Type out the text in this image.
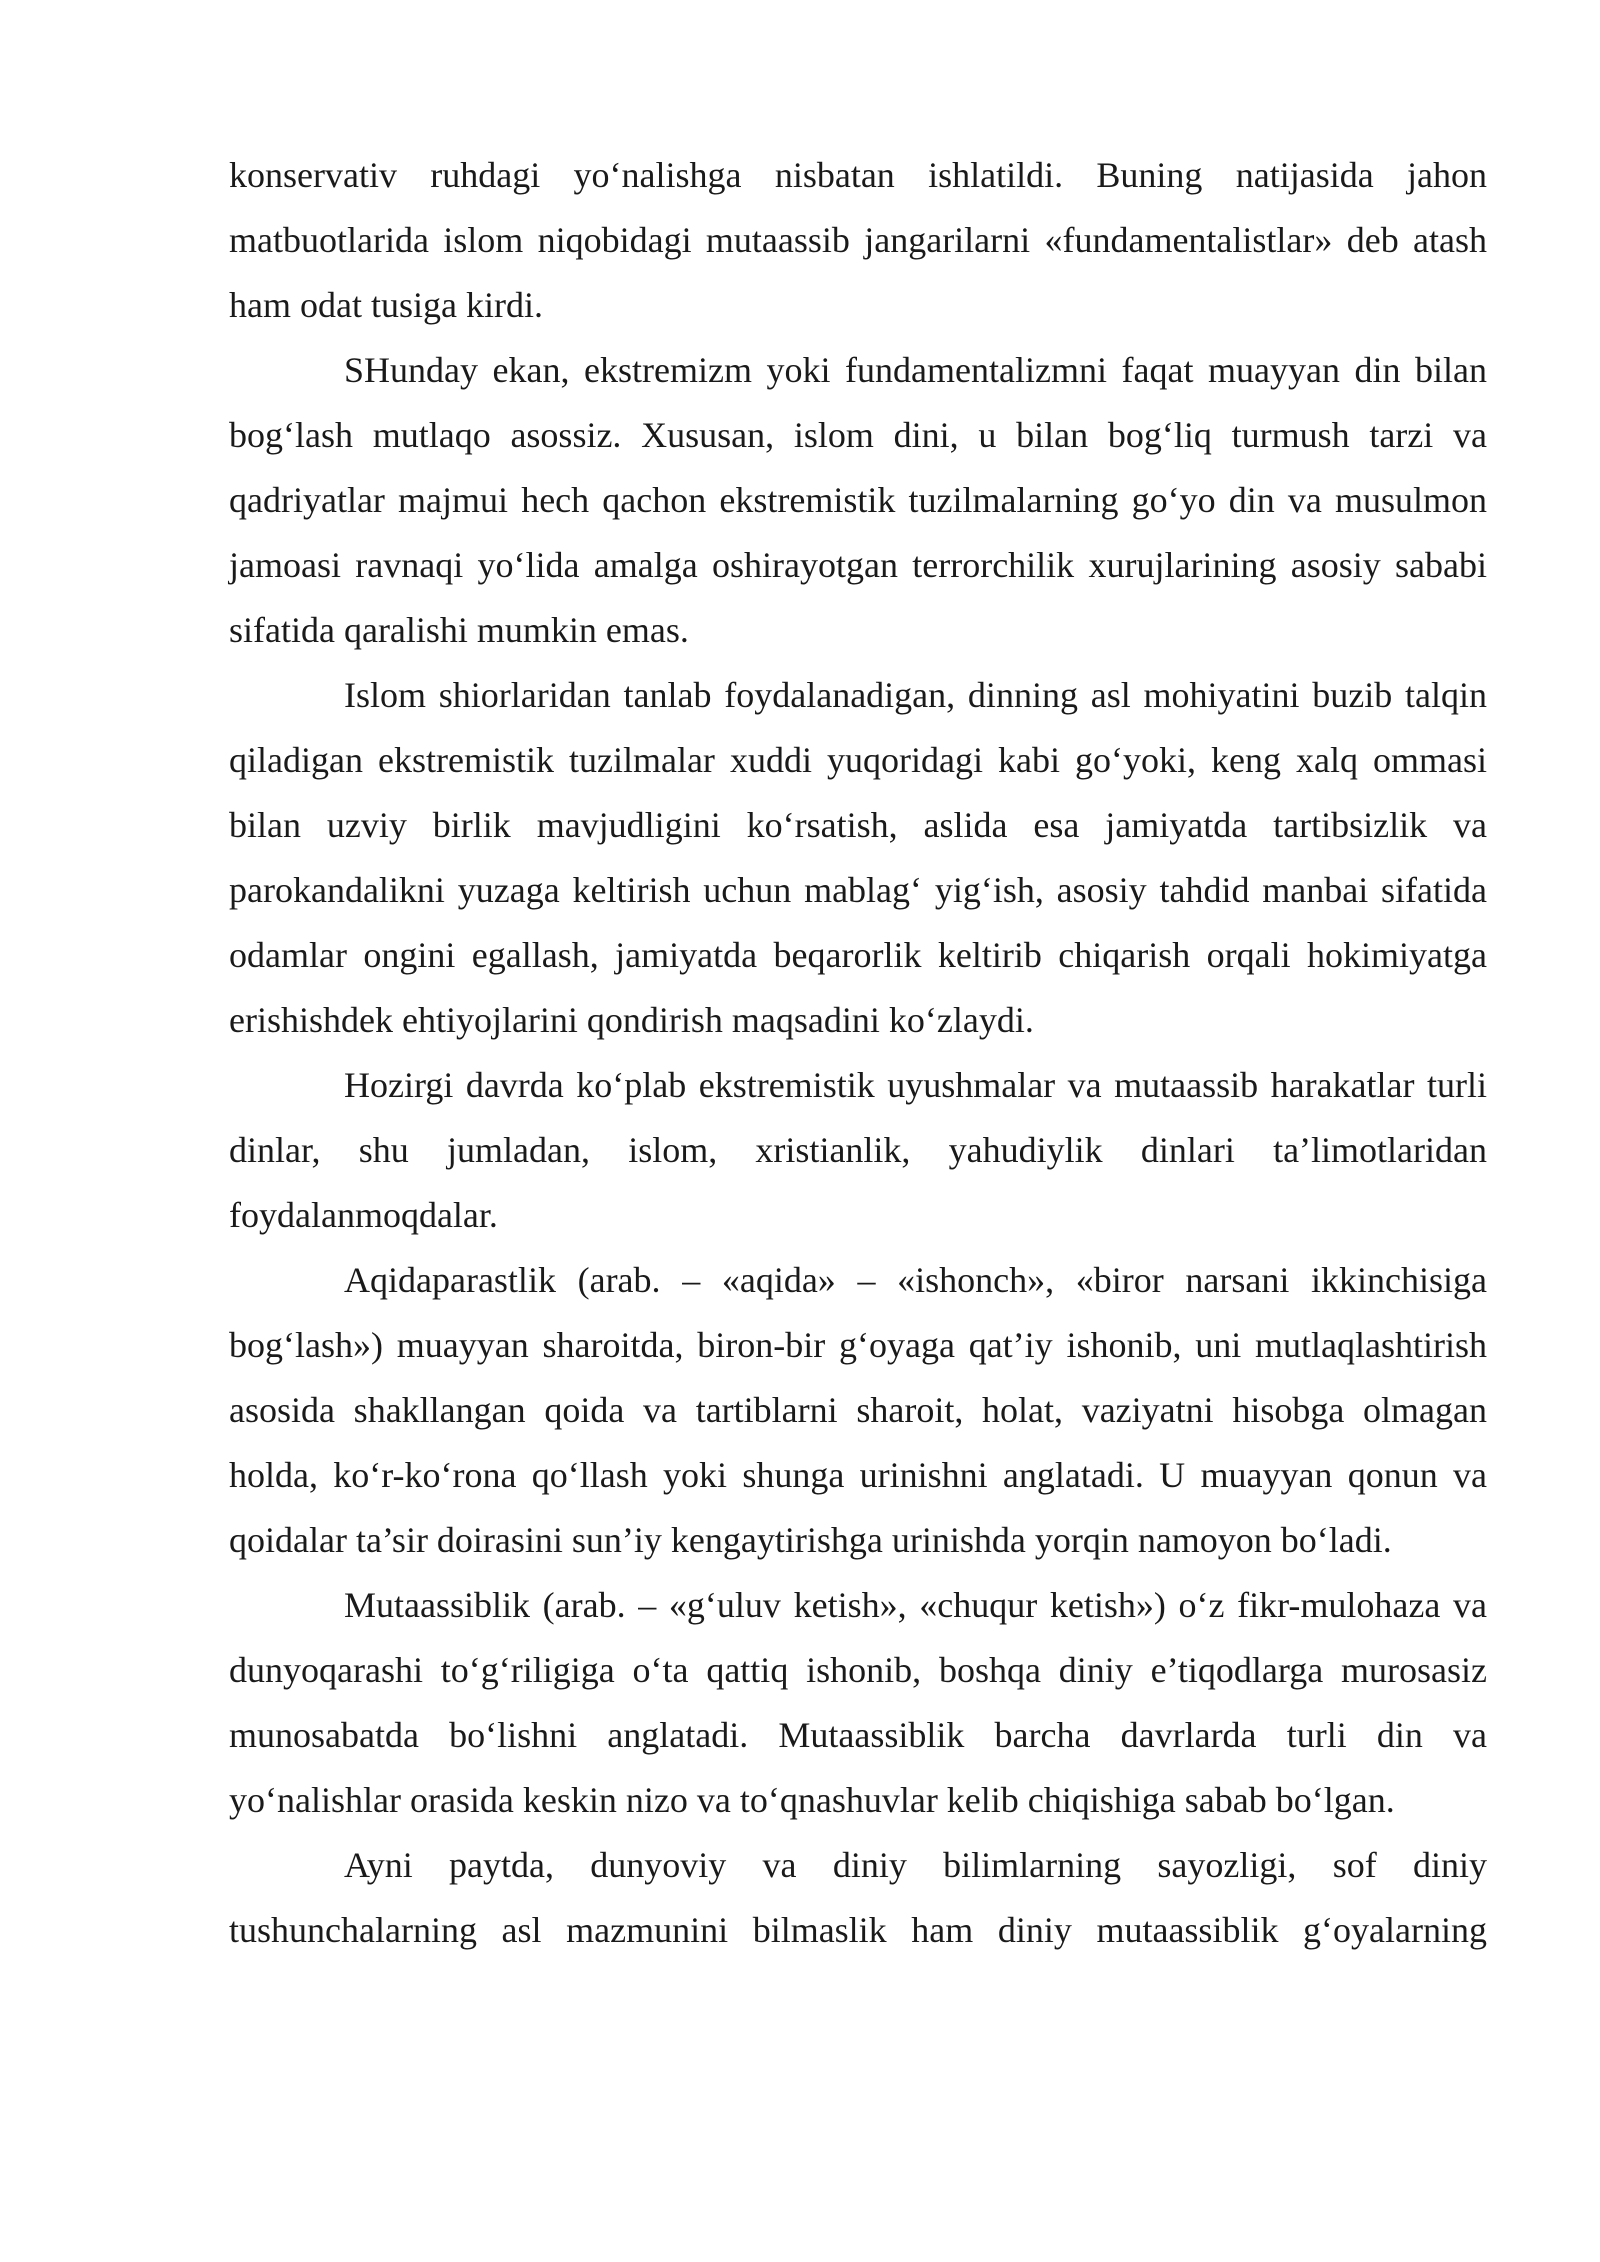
konservativ ruhdagi yo‘nalishga nisbatan ishlatildi. Buning natijasida jahon matbuotlarida islom niqobidagi mutaassib jangarilarni «fundamentalistlar» deb atash ham odat tusiga kirdi.

SHunday ekan, ekstremizm yoki fundamentalizmni faqat muayyan din bilan bog‘lash mutlaqo asossiz. Xususan, islom dini, u bilan bog‘liq turmush tarzi va qadriyatlar majmui hech qachon ekstremistik tuzilmalarning go‘yo din va musulmon jamoasi ravnaqi yo‘lida amalga oshirayotgan terrorchilik xurujlarining asosiy sababi sifatida qaralishi mumkin emas.

Islom shiorlaridan tanlab foydalanadigan, dinning asl mohiyatini buzib talqin qiladigan ekstremistik tuzilmalar xuddi yuqoridagi kabi go‘yoki, keng xalq ommasi bilan uzviy birlik mavjudligini ko‘rsatish, aslida esa jamiyatda tartibsizlik va parokandalikni yuzaga keltirish uchun mablag‘ yig‘ish, asosiy tahdid manbai sifatida odamlar ongini egallash, jamiyatda beqarorlik keltirib chiqarish orqali hokimiyatga erishishdek ehtiyojlarini qondirish maqsadini ko‘zlaydi.

Hozirgi davrda ko‘plab ekstremistik uyushmalar va mutaassib harakatlar turli dinlar, shu jumladan, islom, xristianlik, yahudiylik dinlari ta’limotlaridan foydalanmoqdalar.

Aqidaparastlik (arab. – «aqida» – «ishonch», «biror narsani ikkinchisiga bog‘lash») muayyan sharoitda, biron-bir g‘oyaga qat’iy ishonib, uni mutlaqlashtirish asosida shakllangan qoida va tartiblarni sharoit, holat, vaziyatni hisobga olmagan holda, ko‘r-ko‘rona qo‘llash yoki shunga urinishni anglatadi. U muayyan qonun va qoidalar ta’sir doirasini sun’iy kengaytirishga urinishda yorqin namoyon bo‘ladi.

Mutaassiblik (arab. – «g‘uluv ketish», «chuqur ketish») o‘z fikr-mulohaza va dunyoqarashi to‘g‘riligiga o‘ta qattiq ishonib, boshqa diniy e’tiqodlarga murosasiz munosabatda bo‘lishni anglatadi. Mutaassiblik barcha davrlarda turli din va yo‘nalishlar orasida keskin nizo va to‘qnashuvlar kelib chiqishiga sabab bo‘lgan.

Ayni paytda, dunyoviy va diniy bilimlarning sayozligi, sof diniy tushunchalarning asl mazmunini bilmaslik ham diniy mutaassiblik g‘oyalarning
